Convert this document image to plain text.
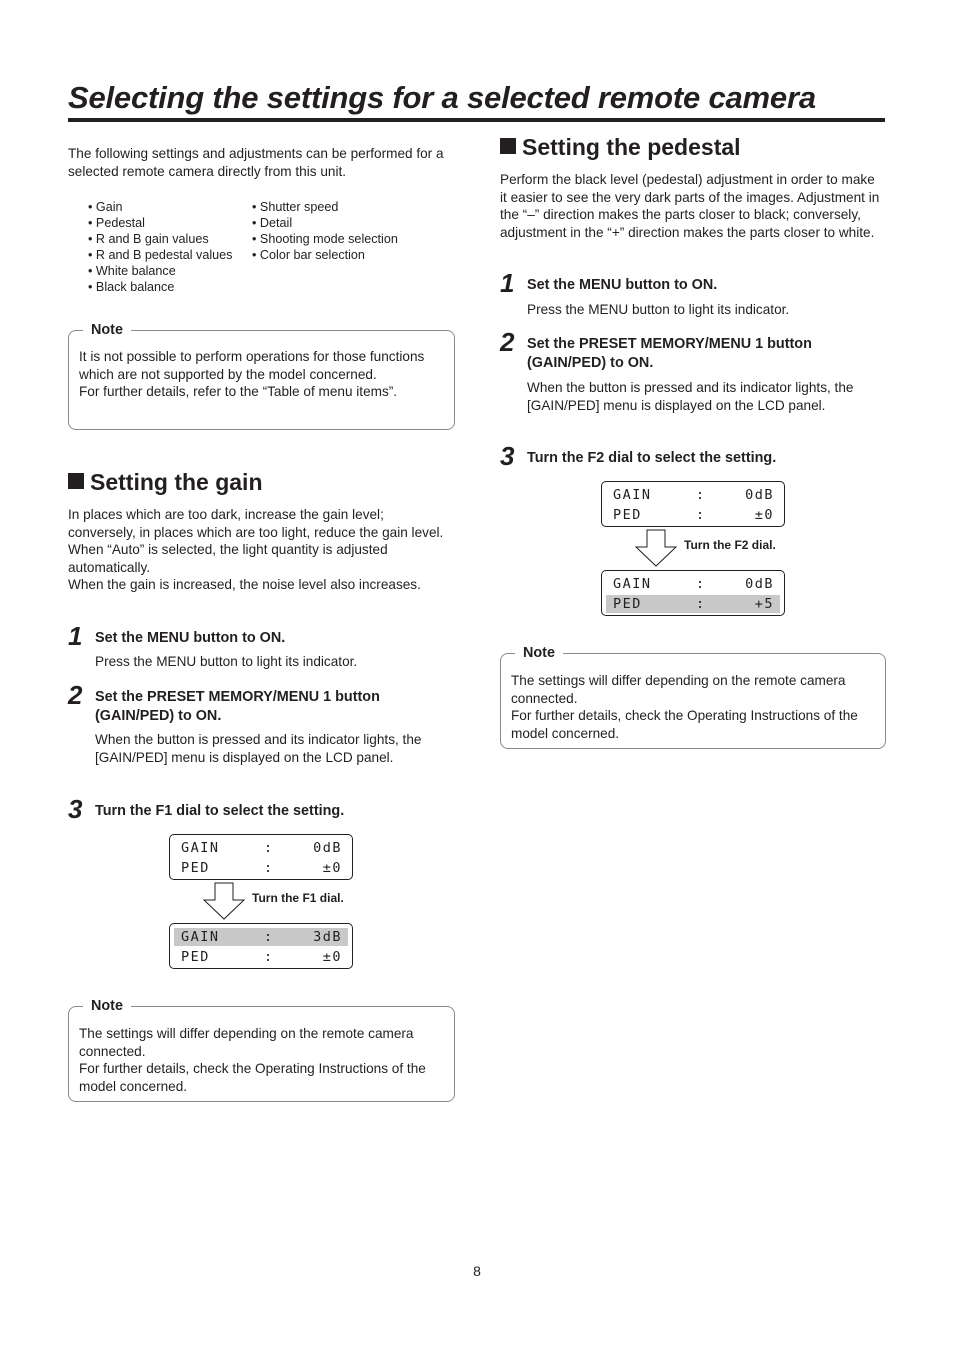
Selecting the settings for a selected remote camera
The following settings and adjustments can be performed for a selected remote camera directly from this unit.
• Gain
• Pedestal
• R and B gain values
• R and B pedestal values
• White balance
• Black balance
• Shutter speed
• Detail
• Shooting mode selection
• Color bar selection
Note
It is not possible to perform operations for those functions which are not supported by the model concerned.
For further details, refer to the “Table of menu items”.
Setting the gain
In places which are too dark, increase the gain level; conversely, in places which are too light, reduce the gain level.
When “Auto” is selected, the light quantity is adjusted automatically.
When the gain is increased, the noise level also increases.
1 Set the MENU button to ON.
Press the MENU button to light its indicator.
2 Set the PRESET MEMORY/MENU 1 button (GAIN/PED) to ON.
When the button is pressed and its indicator lights, the [GAIN/PED] menu is displayed on the LCD panel.
3 Turn the F1 dial to select the setting.
GAIN	:	0dB
PED	:	±0
Turn the F1 dial.
GAIN	:	3dB
PED	:	±0
Note
The settings will differ depending on the remote camera connected.
For further details, check the Operating Instructions of the model concerned.
Setting the pedestal
Perform the black level (pedestal) adjustment in order to make it easier to see the very dark parts of the images. Adjustment in the “–” direction makes the parts closer to black; conversely, adjustment in the “+” direction makes the parts closer to white.
1 Set the MENU button to ON.
Press the MENU button to light its indicator.
2 Set the PRESET MEMORY/MENU 1 button (GAIN/PED) to ON.
When the button is pressed and its indicator lights, the [GAIN/PED] menu is displayed on the LCD panel.
3 Turn the F2 dial to select the setting.
GAIN	:	0dB
PED	:	±0
Turn the F2 dial.
GAIN	:	0dB
PED	:	+5
Note
The settings will differ depending on the remote camera connected.
For further details, check the Operating Instructions of the model concerned.
8
